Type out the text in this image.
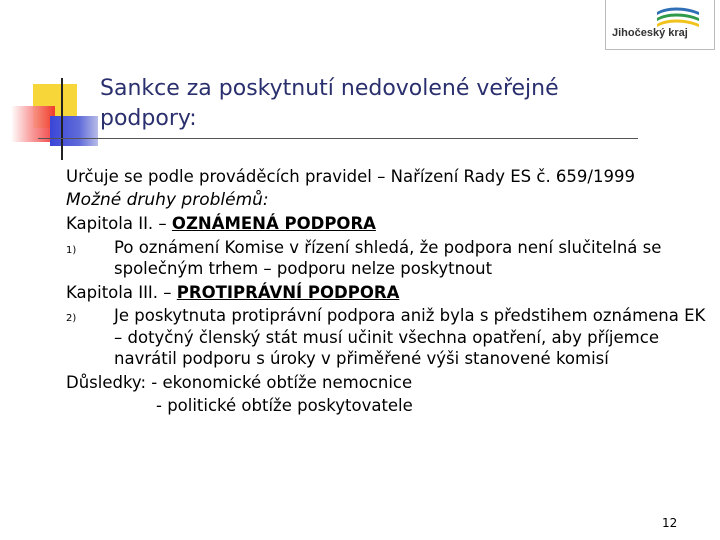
Jihočeský kraj
Sankce za poskytnutí nedovolené veřejné podpory:

Určuje se podle prováděcích pravidel – Nařízení Rady ES č. 659/1999

Možné druhy problémů:

Kapitola II. – OZNÁMENÁ PODPORA

1) Po oznámení Komise v řízení shledá, že podpora není slučitelná se společným trhem – podporu nelze poskytnout

Kapitola III. – PROTIPRÁVNÍ PODPORA

2) Je poskytnuta protiprávní podpora aniž byla s předstihem oznámena EK – dotyčný členský stát musí učinit všechna opatření, aby příjemce navrátil podporu s úroky v přiměřené výši stanovené komisí

Důsledky: - ekonomické obtíže nemocnice

- politické obtíže poskytovatele

12
